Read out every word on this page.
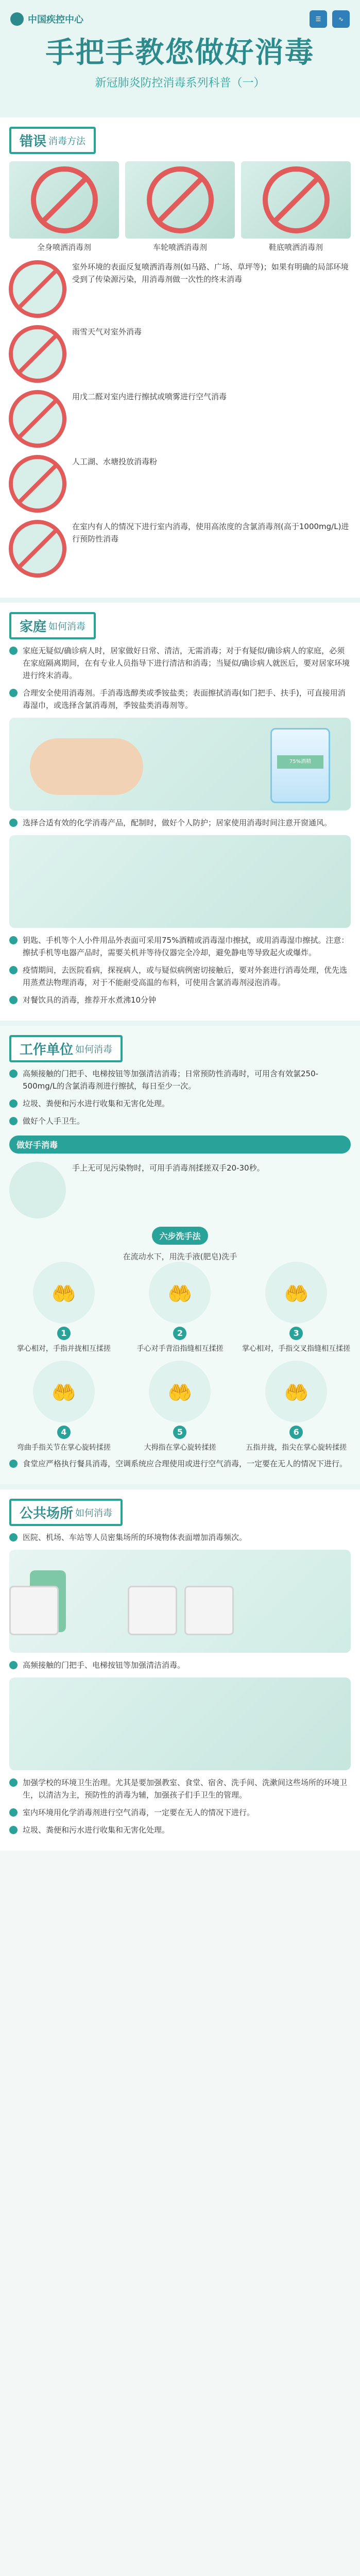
中国疾控中心	☰	∿
手把手教您做好消毒
新冠肺炎防控消毒系列科普（一）
错误 消毒方法
全身喷洒消毒剂	车轮喷洒消毒剂	鞋底喷洒消毒剂
室外环境的表面反复喷洒消毒剂(如马路、广场、草坪等)；如果有明确的局部环境受到了传染源污染，用消毒剂做一次性的终末消毒
雨雪天气对室外消毒
用戊二醛对室内进行擦拭或喷雾进行空气消毒
人工湖、水塘投放消毒粉
在室内有人的情况下进行室内消毒，使用高浓度的含氯消毒剂(高于1000mg/L)进行预防性消毒
家庭 如何消毒
家庭无疑似/确诊病人时，居家做好日常、清洁，无需消毒；对于有疑似/确诊病人的家庭，必须在家庭隔离期间，在有专业人员指导下进行清洁和消毒；当疑似/确诊病人就医后，要对居家环境进行终末消毒。
合理安全使用消毒剂。手消毒选醇类或季铵盐类；表面擦拭消毒(如门把手、扶手)，可直接用消毒湿巾，或选择含氯消毒剂，季铵盐类消毒剂等。
75%酒精
选择合适有效的化学消毒产品，配制时，做好个人防护；居家使用消毒时间注意开窗通风。
钥匙、手机等个人小件用品外表面可采用75%酒精或消毒湿巾擦拭，或用消毒湿巾擦拭。注意：擦拭手机等电器产品时，需要关机并等待仪器完全冷却，避免静电等导致起火或爆炸。
疫情期间，去医院看病，探视病人，或与疑似病例密切接触后，要对外套进行消毒处理，优先选用蒸煮法物理消毒，对于不能耐受高温的布料，可使用含氯消毒剂浸泡消毒。
对餐饮具的消毒，推荐开水煮沸10分钟
工作单位 如何消毒
高频接触的门把手、电梯按钮等加强清洁消毒；日常预防性消毒时，可用含有效氯250-500mg/L的含氯消毒剂进行擦拭，每日至少一次。
垃圾、粪便和污水进行收集和无害化处理。
做好个人手卫生。
做好手消毒
手上无可见污染物时，可用手消毒剂揉搓双手20-30秒。
六步洗手法
在流动水下，用洗手液(肥皂)洗手
🤲
1
掌心相对，手指并拢相互揉搓
🤲
2
手心对手背沿指缝相互揉搓
🤲
3
掌心相对，手指交叉指缝相互揉搓
🤲
4
弯曲手指关节在掌心旋转揉搓
🤲
5
大拇指在掌心旋转揉搓
🤲
6
五指并拢，指尖在掌心旋转揉搓
食堂应严格执行餐具消毒，空调系统应合理使用或进行空气消毒，一定要在无人的情况下进行。
公共场所 如何消毒
医院、机场、车站等人员密集场所的环境物体表面增加消毒频次。
高频接触的门把手、电梯按钮等加强清洁消毒。
加强学校的环境卫生治理。尤其是要加强教室、食堂、宿舍、洗手间、洗漱间这些场所的环境卫生，以清洁为主，预防性的消毒为辅，加强孩子们手卫生的管理。
室内环境用化学消毒剂进行空气消毒，一定要在无人的情况下进行。
垃圾、粪便和污水进行收集和无害化处理。
